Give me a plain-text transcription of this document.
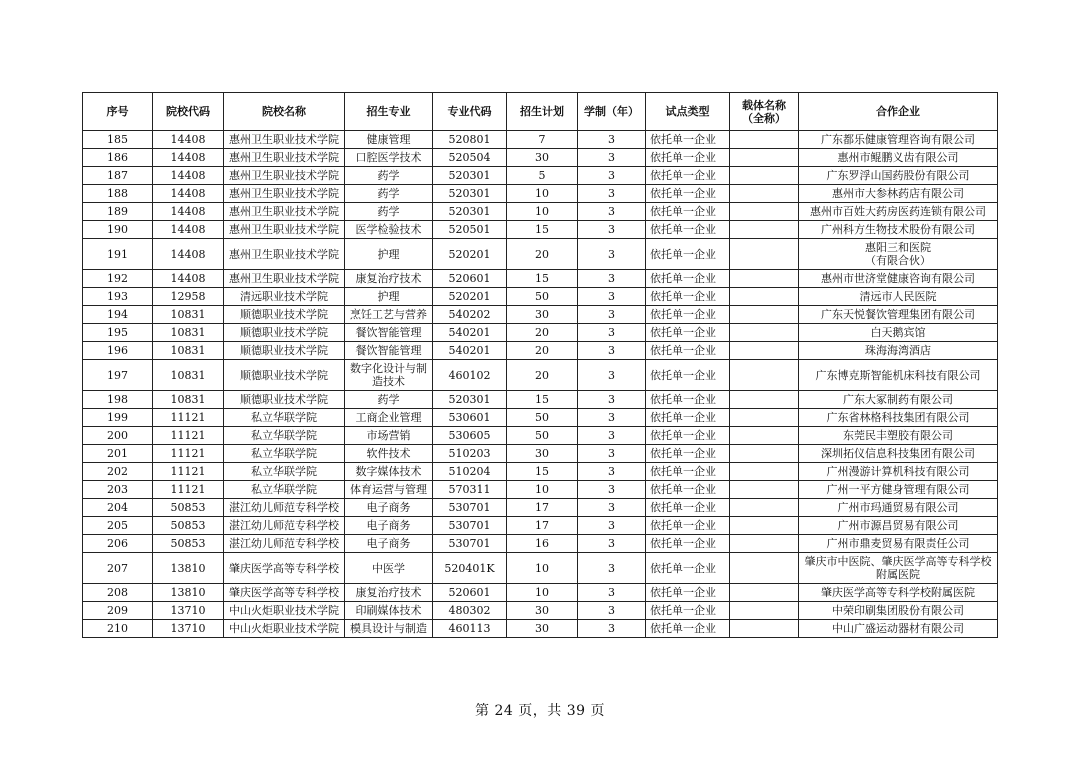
序号	院校代码	院校名称	招生专业	专业代码	招生计划	学制（年）	试点类型	载体名称
（全称）	合作企业
185	14408	惠州卫生职业技术学院	健康管理	520801	7	3	依托单一企业		广东都乐健康管理咨询有限公司
186	14408	惠州卫生职业技术学院	口腔医学技术	520504	30	3	依托单一企业		惠州市鲲鹏义齿有限公司
187	14408	惠州卫生职业技术学院	药学	520301	5	3	依托单一企业		广东罗浮山国药股份有限公司
188	14408	惠州卫生职业技术学院	药学	520301	10	3	依托单一企业		惠州市大参林药店有限公司
189	14408	惠州卫生职业技术学院	药学	520301	10	3	依托单一企业		惠州市百姓大药房医药连锁有限公司
190	14408	惠州卫生职业技术学院	医学检验技术	520501	15	3	依托单一企业		广州科方生物技术股份有限公司
191	14408	惠州卫生职业技术学院	护理	520201	20	3	依托单一企业		惠阳三和医院
（有限合伙）
192	14408	惠州卫生职业技术学院	康复治疗技术	520601	15	3	依托单一企业		惠州市世济堂健康咨询有限公司
193	12958	清远职业技术学院	护理	520201	50	3	依托单一企业		清远市人民医院
194	10831	顺德职业技术学院	烹饪工艺与营养	540202	30	3	依托单一企业		广东天悦餐饮管理集团有限公司
195	10831	顺德职业技术学院	餐饮智能管理	540201	20	3	依托单一企业		白天鹅宾馆
196	10831	顺德职业技术学院	餐饮智能管理	540201	20	3	依托单一企业		珠海海湾酒店
197	10831	顺德职业技术学院	数字化设计与制
造技术	460102	20	3	依托单一企业		广东博克斯智能机床科技有限公司
198	10831	顺德职业技术学院	药学	520301	15	3	依托单一企业		广东大冢制药有限公司
199	11121	私立华联学院	工商企业管理	530601	50	3	依托单一企业		广东省林格科技集团有限公司
200	11121	私立华联学院	市场营销	530605	50	3	依托单一企业		东莞民丰塑胶有限公司
201	11121	私立华联学院	软件技术	510203	30	3	依托单一企业		深圳拓仪信息科技集团有限公司
202	11121	私立华联学院	数字媒体技术	510204	15	3	依托单一企业		广州漫游计算机科技有限公司
203	11121	私立华联学院	体育运营与管理	570311	10	3	依托单一企业		广州一平方健身管理有限公司
204	50853	湛江幼儿师范专科学校	电子商务	530701	17	3	依托单一企业		广州市玛通贸易有限公司
205	50853	湛江幼儿师范专科学校	电子商务	530701	17	3	依托单一企业		广州市源昌贸易有限公司
206	50853	湛江幼儿师范专科学校	电子商务	530701	16	3	依托单一企业		广州市鼎麦贸易有限责任公司
207	13810	肇庆医学高等专科学校	中医学	520401K	10	3	依托单一企业		肇庆市中医院、肇庆医学高等专科学校
附属医院
208	13810	肇庆医学高等专科学校	康复治疗技术	520601	10	3	依托单一企业		肇庆医学高等专科学校附属医院
209	13710	中山火炬职业技术学院	印刷媒体技术	480302	30	3	依托单一企业		中荣印刷集团股份有限公司
210	13710	中山火炬职业技术学院	模具设计与制造	460113	30	3	依托单一企业		中山广盛运动器材有限公司
第 24 页，共 39 页
